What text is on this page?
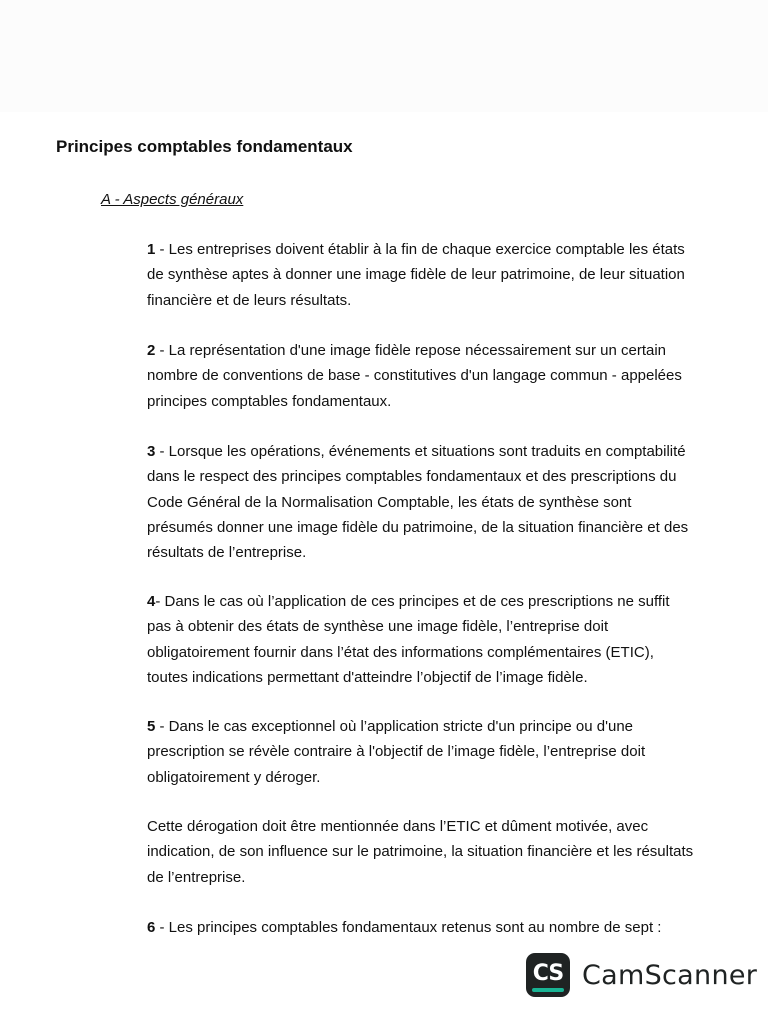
Principes comptables fondamentaux
A - Aspects généraux
1 - Les entreprises doivent établir à la fin de chaque exercice comptable les états
de synthèse aptes à donner une image fidèle de leur patrimoine, de leur situation
financière et de leurs résultats.
2 - La représentation d'une image fidèle repose nécessairement sur un certain
nombre de conventions de base - constitutives d'un langage commun - appelées
principes comptables fondamentaux.
3 - Lorsque les opérations, événements et situations sont traduits en comptabilité
dans le respect des principes comptables fondamentaux et des prescriptions du
Code Général de la Normalisation Comptable, les états de synthèse sont
présumés donner une image fidèle du patrimoine, de la situation financière et des
résultats de l’entreprise.
4- Dans le cas où l’application de ces principes et de ces prescriptions ne suffit
pas à obtenir des états de synthèse une image fidèle, l’entreprise doit
obligatoirement fournir dans l’état des informations complémentaires (ETIC),
toutes indications permettant d'atteindre l’objectif de l’image fidèle.
5 - Dans le cas exceptionnel où l’application stricte d'un principe ou d'une
prescription se révèle contraire à l'objectif de l’image fidèle, l’entreprise doit
obligatoirement y déroger.
Cette dérogation doit être mentionnée dans l’ETIC et dûment motivée, avec
indication, de son influence sur le patrimoine, la situation financière et les résultats
de l’entreprise.
6 - Les principes comptables fondamentaux retenus sont au nombre de sept :
CS CamScanner
